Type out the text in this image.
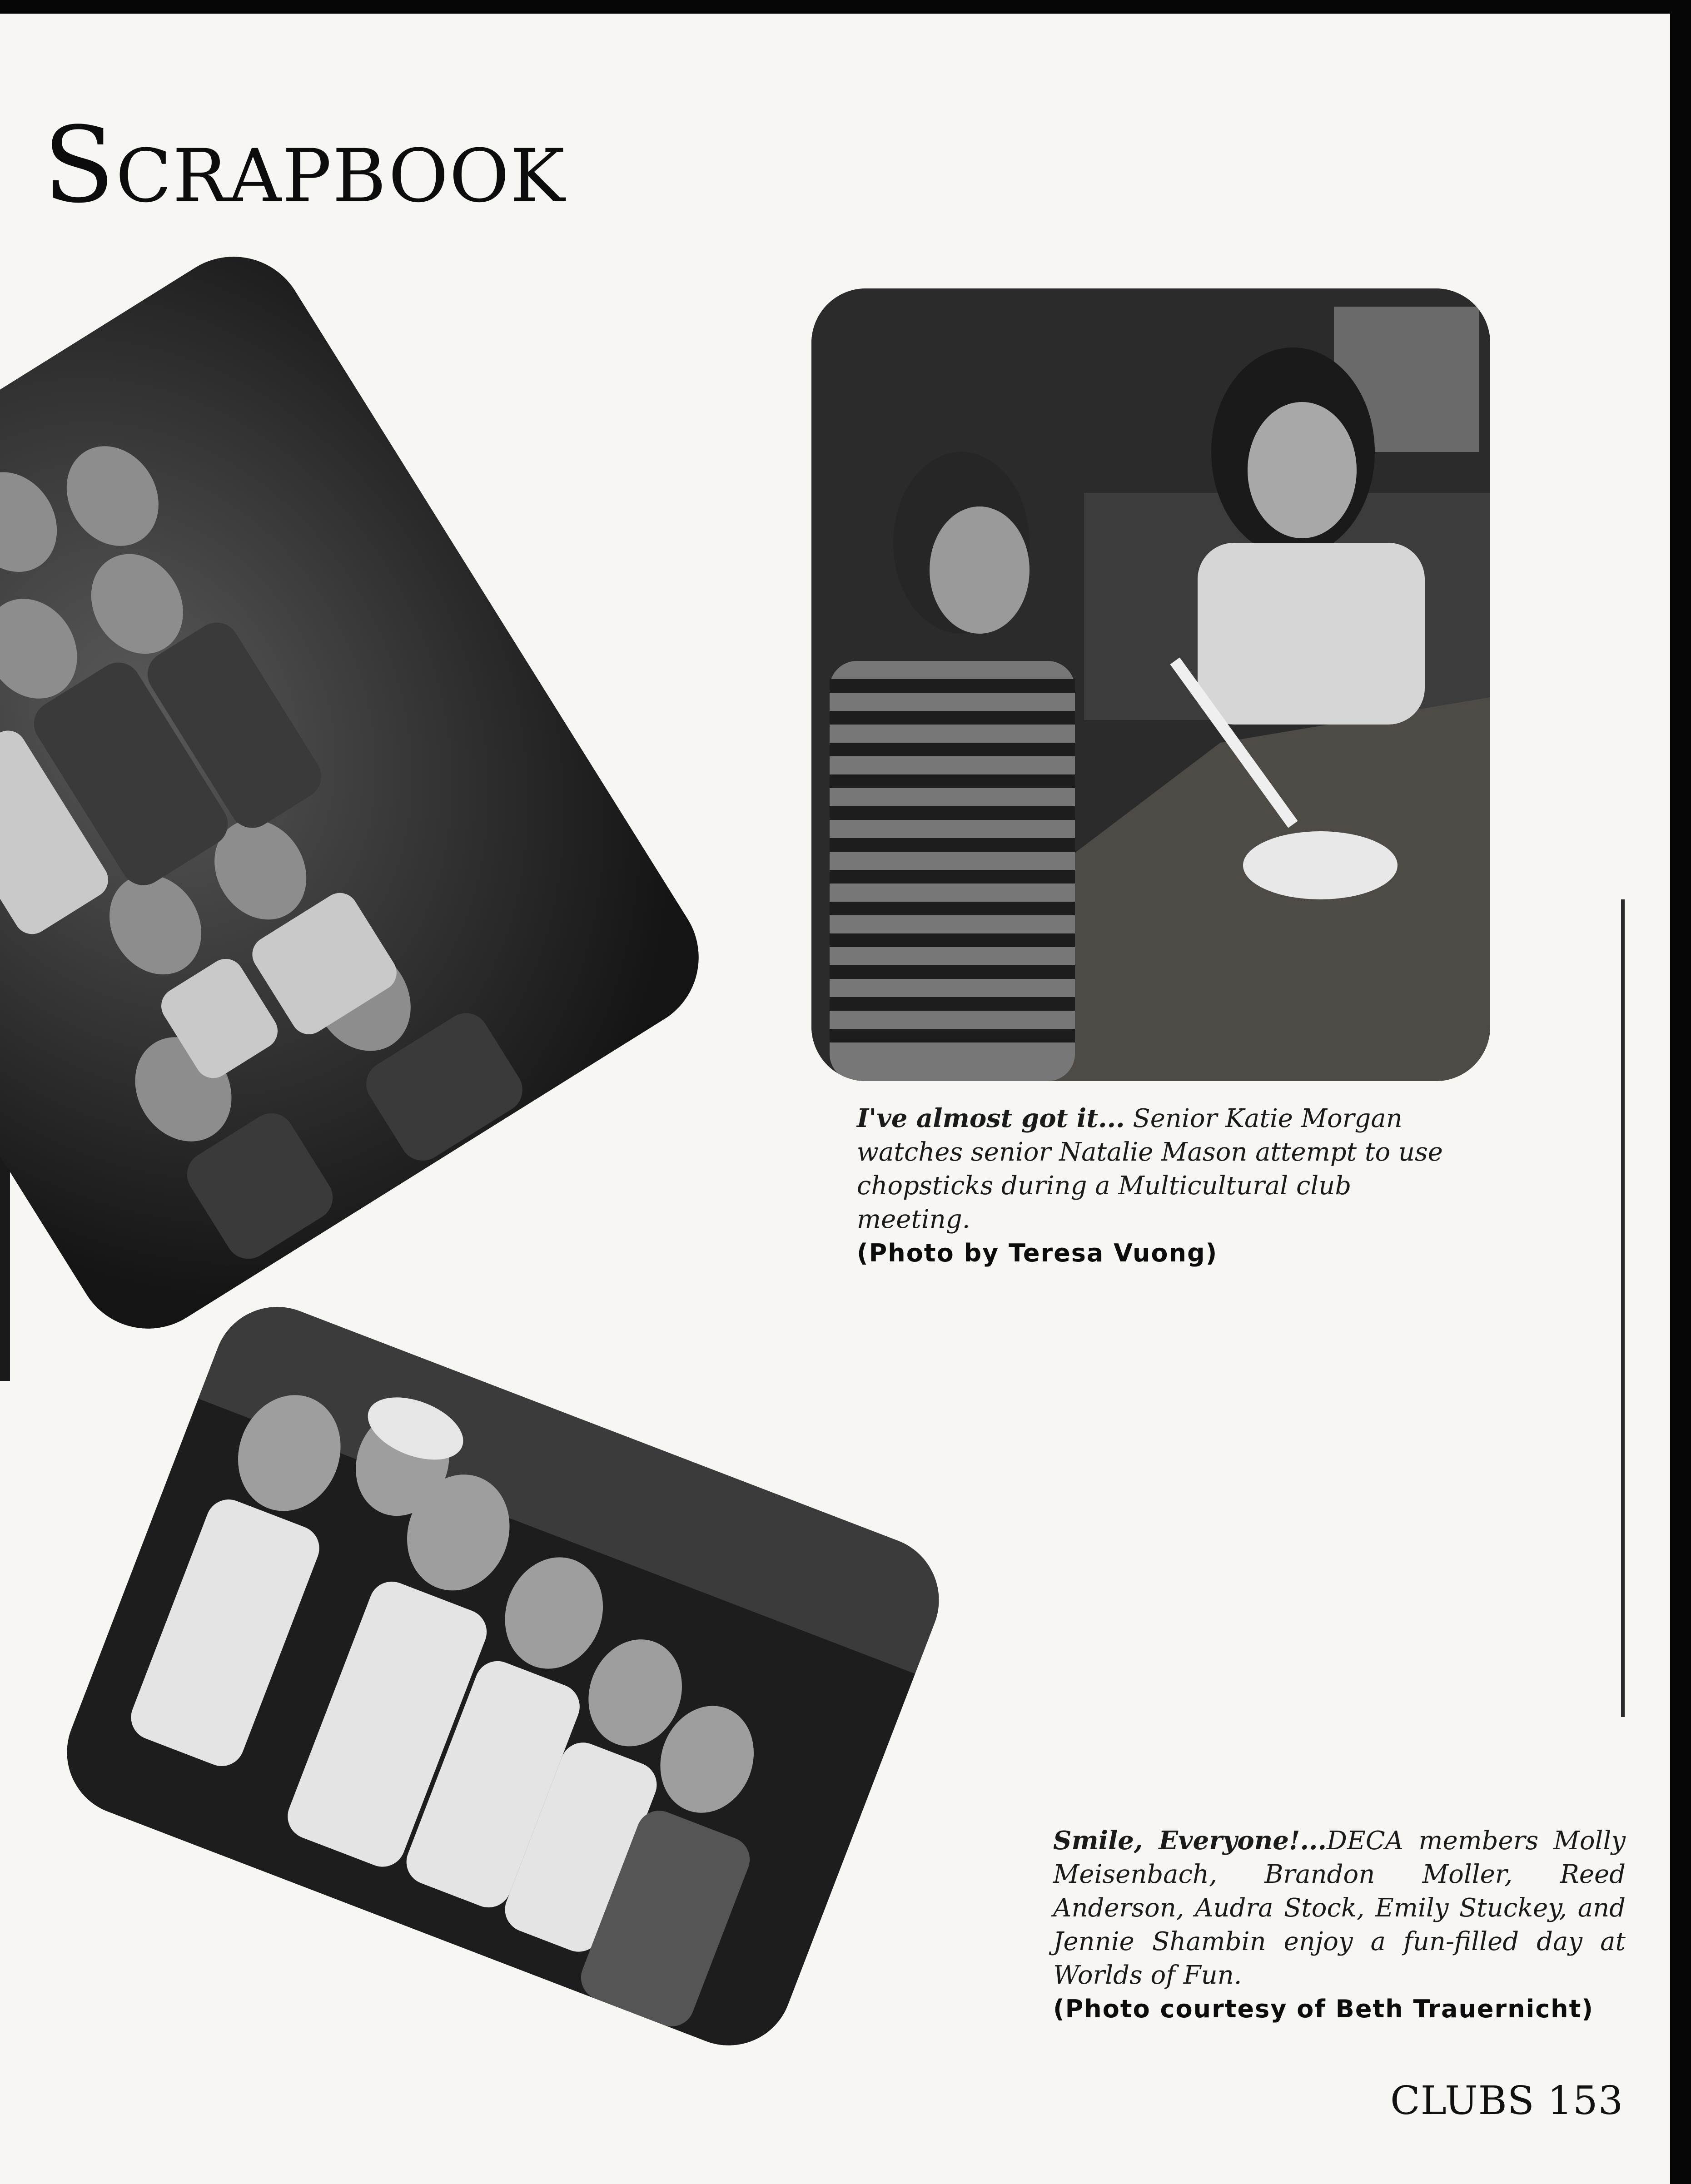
Scrapbook

I've almost got it... Senior Katie Morgan watches senior Natalie Mason attempt to use chopsticks during a Multicultural club meeting.
(Photo by Teresa Vuong)

Smile, Everyone!...DECA members Molly Meisenbach, Brandon Moller, Reed Anderson, Audra Stock, Emily Stuckey, and Jennie Shambin enjoy a fun-filled day at Worlds of Fun.
(Photo courtesy of Beth Trauernicht)

CLUBS 153
